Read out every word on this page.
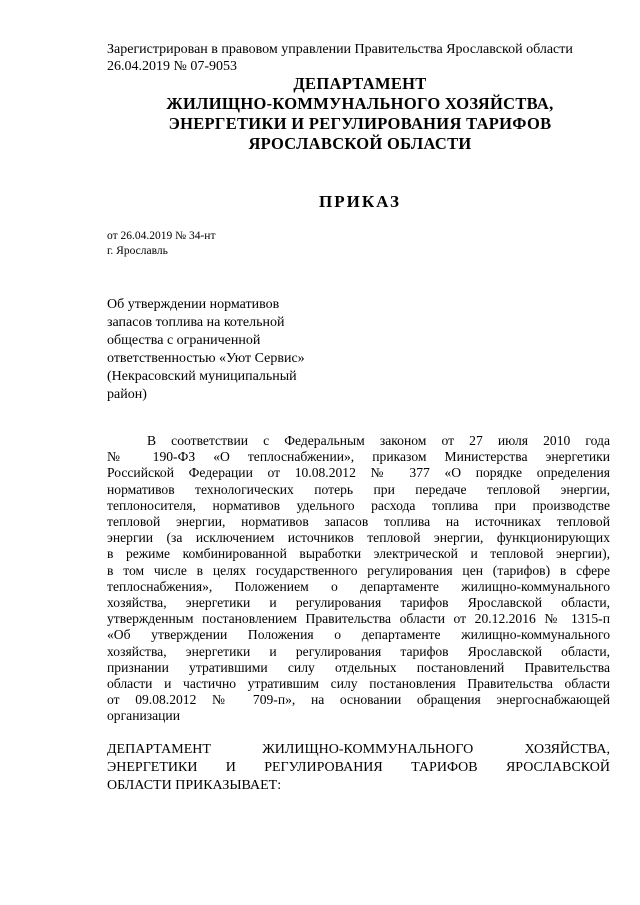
Зарегистрирован в правовом управлении Правительства Ярославской области
26.04.2019 № 07-9053
ДЕПАРТАМЕНТ
ЖИЛИЩНО-КОММУНАЛЬНОГО ХОЗЯЙСТВА,
ЭНЕРГЕТИКИ И РЕГУЛИРОВАНИЯ ТАРИФОВ
ЯРОСЛАВСКОЙ ОБЛАСТИ
ПРИКАЗ
от 26.04.2019 № 34-нт
г. Ярославль
Об утверждении нормативов
запасов топлива на котельной
общества с ограниченной
ответственностью «Уют Сервис»
(Некрасовский муниципальный
район)
В соответствии с Федеральным законом от 27 июля 2010 года
№ 190-ФЗ «О теплоснабжении», приказом Министерства энергетики
Российской Федерации от 10.08.2012 № 377 «О порядке определения
нормативов технологических потерь при передаче тепловой энергии,
теплоносителя, нормативов удельного расхода топлива при производстве
тепловой энергии, нормативов запасов топлива на источниках тепловой
энергии (за исключением источников тепловой энергии, функционирующих
в режиме комбинированной выработки электрической и тепловой энергии),
в том числе в целях государственного регулирования цен (тарифов) в сфере
теплоснабжения», Положением о департаменте жилищно-коммунального
хозяйства, энергетики и регулирования тарифов Ярославской области,
утвержденным постановлением Правительства области от 20.12.2016 № 1315-п
«Об утверждении Положения о департаменте жилищно-коммунального
хозяйства, энергетики и регулирования тарифов Ярославской области,
признании утратившими силу отдельных постановлений Правительства
области и частично утратившим силу постановления Правительства области
от 09.08.2012 № 709-п», на основании обращения энергоснабжающей
организации
ДЕПАРТАМЕНТ ЖИЛИЩНО-КОММУНАЛЬНОГО ХОЗЯЙСТВА,
ЭНЕРГЕТИКИ И РЕГУЛИРОВАНИЯ ТАРИФОВ ЯРОСЛАВСКОЙ
ОБЛАСТИ ПРИКАЗЫВАЕТ:
